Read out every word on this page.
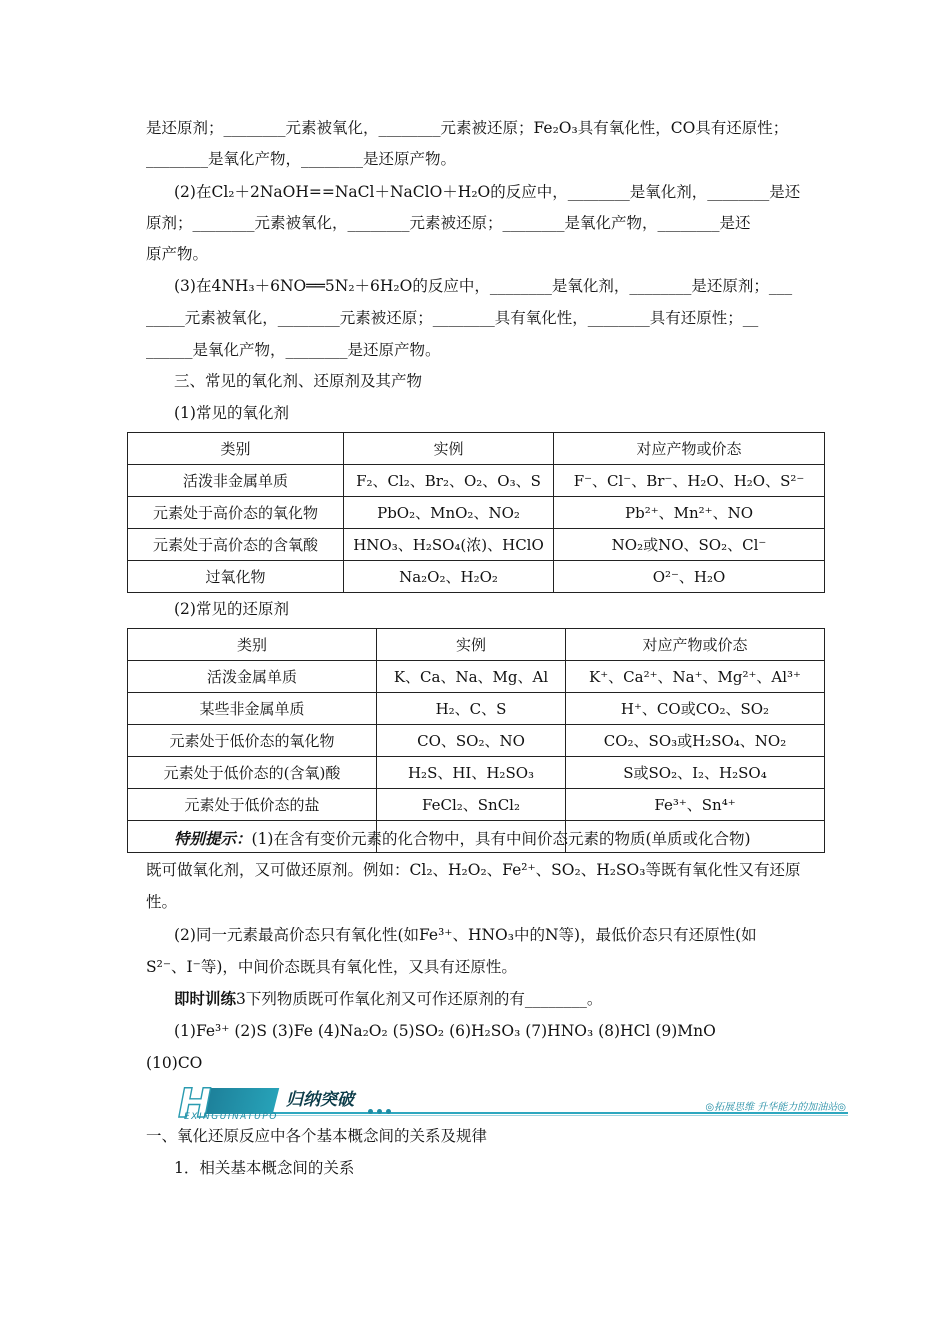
是还原剂；________元素被氧化，________元素被还原；Fe₂O₃具有氧化性，CO具有还原性；
________是氧化产物，________是还原产物。
(2)在Cl₂＋2NaOH==NaCl＋NaClO＋H₂O的反应中，________是氧化剂，________是还
原剂；________元素被氧化，________元素被还原；________是氧化产物，________是还
原产物。
(3)在4NH₃＋6NO══5N₂＋6H₂O的反应中，________是氧化剂，________是还原剂；___
_____元素被氧化，________元素被还原；________具有氧化性，________具有还原性；__
______是氧化产物，________是还原产物。
三、常见的氧化剂、还原剂及其产物
(1)常见的氧化剂
类别	实例	对应产物或价态
活泼非金属单质	F₂、Cl₂、Br₂、O₂、O₃、S	F⁻、Cl⁻、Br⁻、H₂O、H₂O、S²⁻
元素处于高价态的氧化物	PbO₂、MnO₂、NO₂	Pb²⁺、Mn²⁺、NO
元素处于高价态的含氧酸	HNO₃、H₂SO₄(浓)、HClO	NO₂或NO、SO₂、Cl⁻
过氧化物	Na₂O₂、H₂O₂	O²⁻、H₂O
(2)常见的还原剂
类别	实例	对应产物或价态
活泼金属单质	K、Ca、Na、Mg、Al	K⁺、Ca²⁺、Na⁺、Mg²⁺、Al³⁺
某些非金属单质	H₂、C、S	H⁺、CO或CO₂、SO₂
元素处于低价态的氧化物	CO、SO₂、NO	CO₂、SO₃或H₂SO₄、NO₂
元素处于低价态的(含氧)酸	H₂S、HI、H₂SO₃	S或SO₂、I₂、H₂SO₄
元素处于低价态的盐	FeCl₂、SnCl₂	Fe³⁺、Sn⁴⁺

特别提示：(1)在含有变价元素的化合物中，具有中间价态元素的物质(单质或化合物)
既可做氧化剂，又可做还原剂。例如：Cl₂、H₂O₂、Fe²⁺、SO₂、H₂SO₃等既有氧化性又有还原
性。
(2)同一元素最高价态只有氧化性(如Fe³⁺、HNO₃中的N等)，最低价态只有还原性(如
S²⁻、I⁻等)，中间价态既具有氧化性，又具有还原性。
即时训练3下列物质既可作氧化剂又可作还原剂的有________。
(1)Fe³⁺ (2)S (3)Fe (4)Na₂O₂ (5)SO₂ (6)H₂SO₃ (7)HNO₃ (8)HCl (9)MnO
(10)CO
H	归纳突破
EXINGUINATUPO
◎拓展思维 升华能力的加油站◎
一、氧化还原反应中各个基本概念间的关系及规律
1．相关基本概念间的关系
